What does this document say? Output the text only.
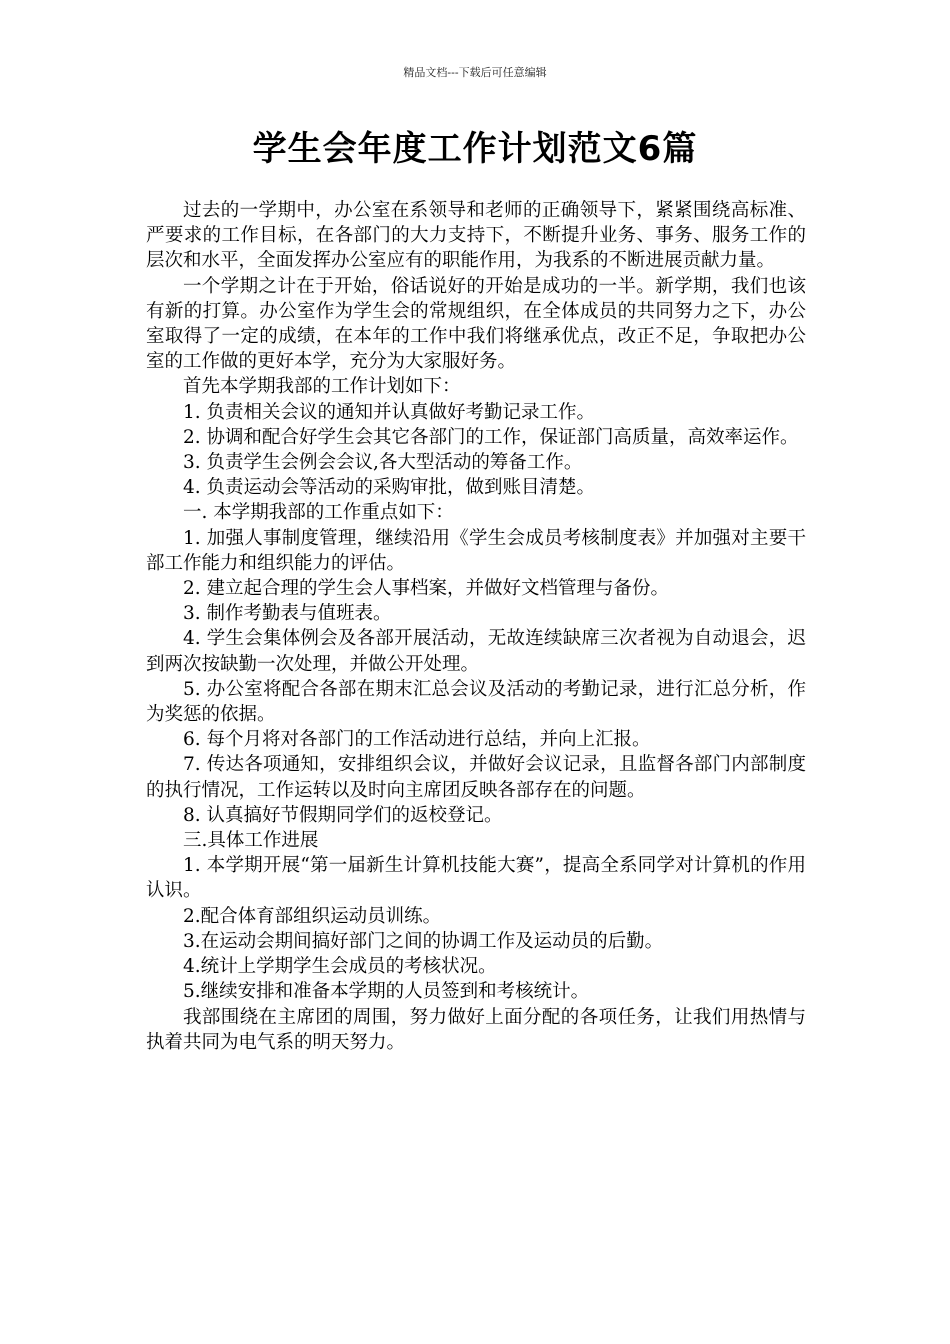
精品文档---下载后可任意编辑
学生会年度工作计划范文6篇

过去的一学期中，办公室在系领导和老师的正确领导下，紧紧围绕高标准、严要求的工作目标，在各部门的大力支持下，不断提升业务、事务、服务工作的层次和水平，全面发挥办公室应有的职能作用，为我系的不断进展贡献力量。

一个学期之计在于开始，俗话说好的开始是成功的一半。新学期，我们也该有新的打算。办公室作为学生会的常规组织，在全体成员的共同努力之下，办公室取得了一定的成绩，在本年的工作中我们将继承优点，改正不足，争取把办公室的工作做的更好本学，充分为大家服好务。

首先本学期我部的工作计划如下：

1. 负责相关会议的通知并认真做好考勤记录工作。

2. 协调和配合好学生会其它各部门的工作，保证部门高质量，高效率运作。

3. 负责学生会例会会议,各大型活动的筹备工作。

4. 负责运动会等活动的采购审批，做到账目清楚。

一. 本学期我部的工作重点如下：

1. 加强人事制度管理，继续沿用《学生会成员考核制度表》并加强对主要干部工作能力和组织能力的评估。

2. 建立起合理的学生会人事档案，并做好文档管理与备份。

3. 制作考勤表与值班表。

4. 学生会集体例会及各部开展活动，无故连续缺席三次者视为自动退会，迟到两次按缺勤一次处理，并做公开处理。

5. 办公室将配合各部在期末汇总会议及活动的考勤记录，进行汇总分析，作为奖惩的依据。

6. 每个月将对各部门的工作活动进行总结，并向上汇报。

7. 传达各项通知，安排组织会议，并做好会议记录，且监督各部门内部制度的执行情况，工作运转以及时向主席团反映各部存在的问题。

8. 认真搞好节假期同学们的返校登记。

三.具体工作进展

1. 本学期开展“第一届新生计算机技能大赛”，提高全系同学对计算机的作用认识。

2.配合体育部组织运动员训练。

3.在运动会期间搞好部门之间的协调工作及运动员的后勤。

4.统计上学期学生会成员的考核状况。

5.继续安排和准备本学期的人员签到和考核统计。

我部围绕在主席团的周围，努力做好上面分配的各项任务，让我们用热情与执着共同为电气系的明天努力。
